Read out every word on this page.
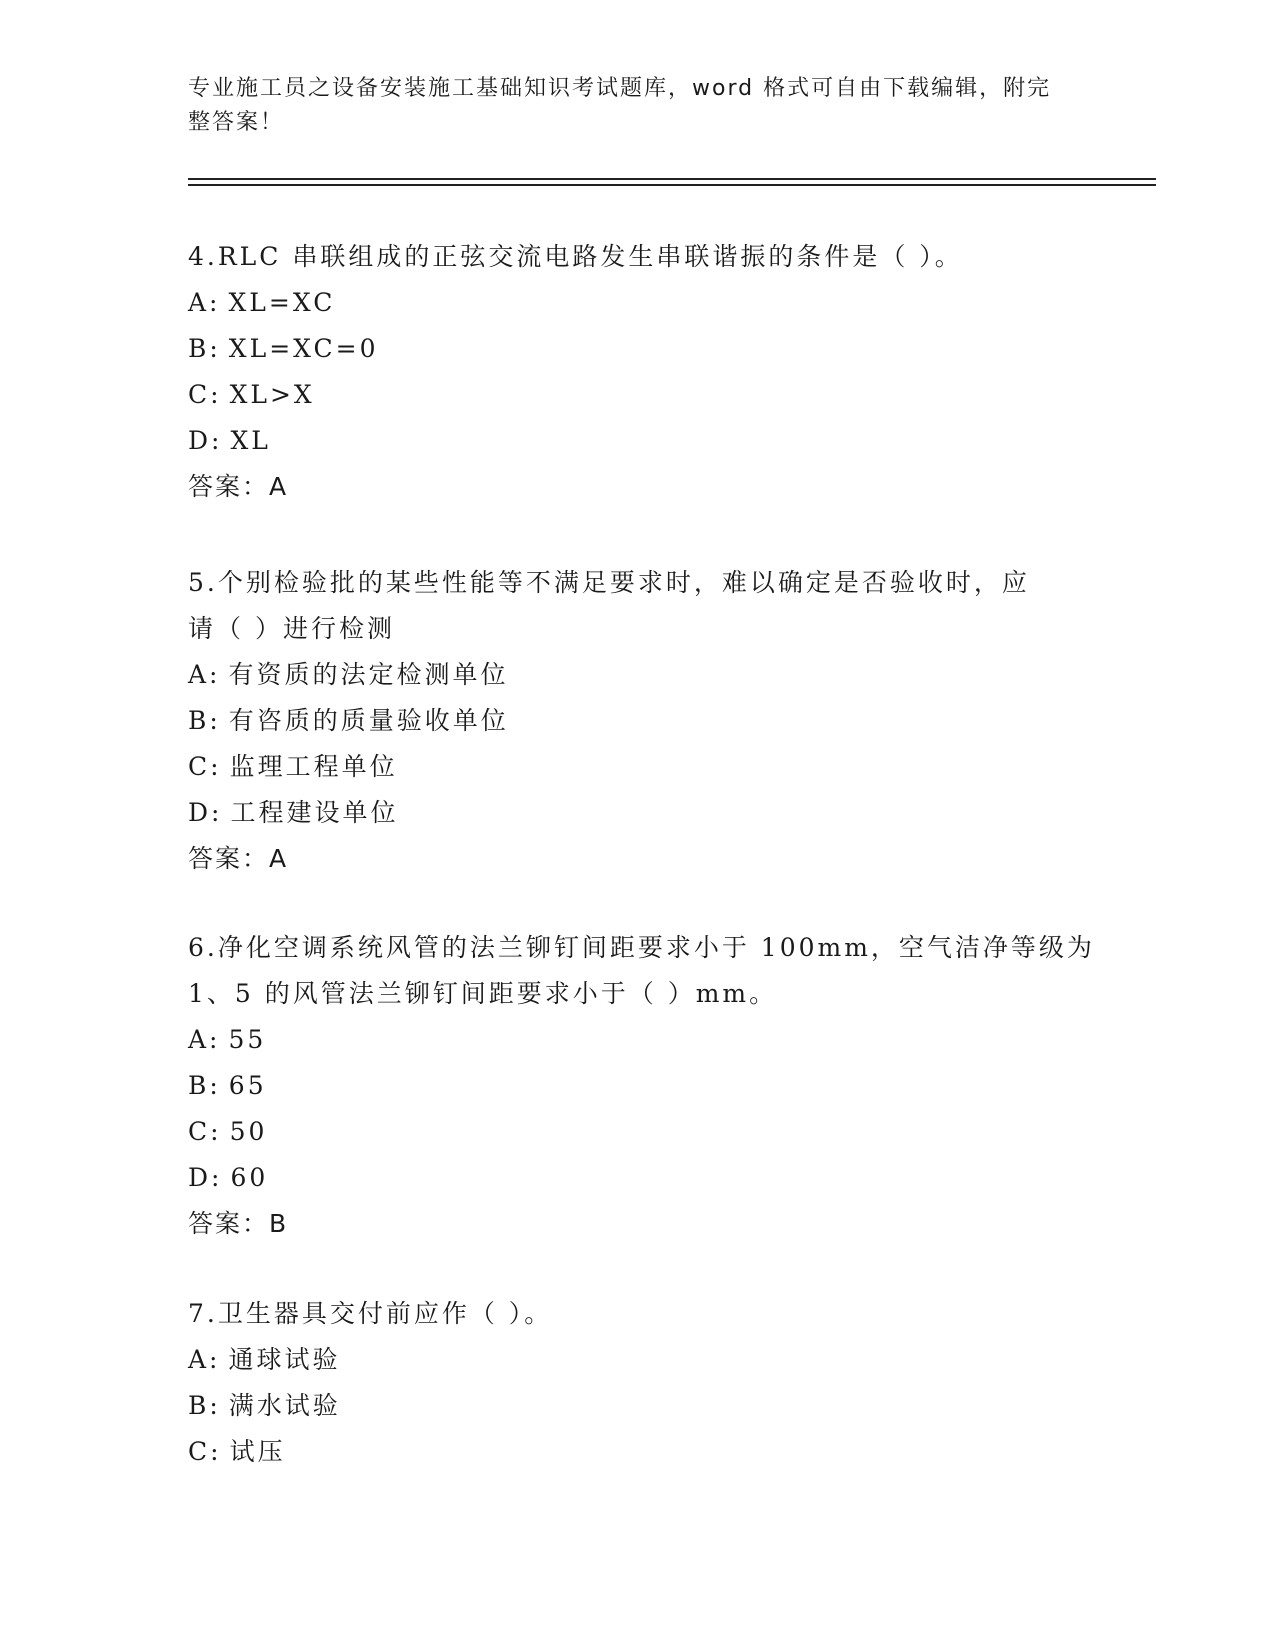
专业施工员之设备安装施工基础知识考试题库，word 格式可自由下载编辑，附完
整答案！
4.RLC 串联组成的正弦交流电路发生串联谐振的条件是（ ）。
A: XL=XC
B: XL=XC=0
C: XL>X
D: XL
答案：A
5.个别检验批的某些性能等不满足要求时，难以确定是否验收时，应
请（ ）进行检测
A: 有资质的法定检测单位
B: 有咨质的质量验收单位
C: 监理工程单位
D: 工程建设单位
答案：A
6.净化空调系统风管的法兰铆钉间距要求小于 100mm，空气洁净等级为
1、5 的风管法兰铆钉间距要求小于（ ）mm。
A: 55
B: 65
C: 50
D: 60
答案：B
7.卫生器具交付前应作（ ）。
A: 通球试验
B: 满水试验
C: 试压
